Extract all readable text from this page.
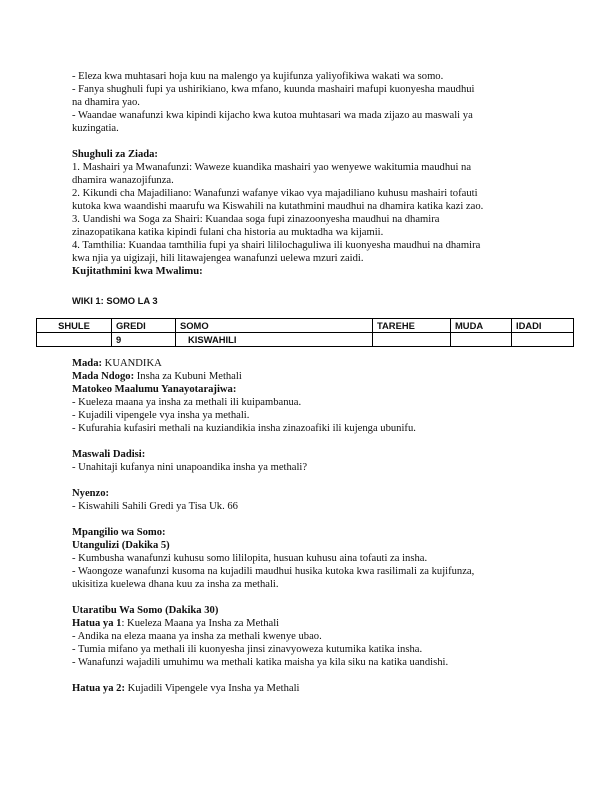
- Eleza kwa muhtasari hoja kuu na malengo ya kujifunza yaliyofikiwa wakati wa somo.

- Fanya shughuli fupi ya ushirikiano, kwa mfano, kuunda mashairi mafupi kuonyesha maudhui

na dhamira yao.

- Waandae wanafunzi kwa kipindi kijacho kwa kutoa muhtasari wa mada zijazo au maswali ya

kuzingatia.

Shughuli za Ziada:

1. Mashairi ya Mwanafunzi: Waweze kuandika mashairi yao wenyewe wakitumia maudhui na

dhamira wanazojifunza.

2. Kikundi cha Majadiliano: Wanafunzi wafanye vikao vya majadiliano kuhusu mashairi tofauti

kutoka kwa waandishi maarufu wa Kiswahili na kutathmini maudhui na dhamira katika kazi zao.

3. Uandishi wa Soga za Shairi: Kuandaa soga fupi zinazoonyesha maudhui na dhamira

zinazopatikana katika kipindi fulani cha historia au muktadha wa kijamii.

4. Tamthilia: Kuandaa tamthilia fupi ya shairi lililochaguliwa ili kuonyesha maudhui na dhamira

kwa njia ya uigizaji, hili litawajengea wanafunzi uelewa mzuri zaidi.

Kujitathmini kwa Mwalimu:

WIKI 1: SOMO LA 3
SHULE	GREDI	SOMO	TAREHE	MUDA	IDADI
	9	KISWAHILI			

Mada: KUANDIKA

Mada Ndogo: Insha za Kubuni Methali

Matokeo Maalumu Yanayotarajiwa:

- Kueleza maana ya insha za methali ili kuipambanua.

- Kujadili vipengele vya insha ya methali.

- Kufurahia kufasiri methali na kuziandikia insha zinazoafiki ili kujenga ubunifu.

Maswali Dadisi:

- Unahitaji kufanya nini unapoandika insha ya methali?

Nyenzo:

- Kiswahili Sahili Gredi ya Tisa Uk. 66

Mpangilio wa Somo:

Utangulizi (Dakika 5)

- Kumbusha wanafunzi kuhusu somo lililopita, husuan kuhusu aina tofauti za insha.

- Waongoze wanafunzi kusoma na kujadili maudhui husika kutoka kwa rasilimali za kujifunza,

ukisitiza kuelewa dhana kuu za insha za methali.

Utaratibu Wa Somo (Dakika 30)

Hatua ya 1: Kueleza Maana ya Insha za Methali

- Andika na eleza maana ya insha za methali kwenye ubao.

- Tumia mifano ya methali ili kuonyesha jinsi zinavyoweza kutumika katika insha.

- Wanafunzi wajadili umuhimu wa methali katika maisha ya kila siku na katika uandishi.

Hatua ya 2: Kujadili Vipengele vya Insha ya Methali
